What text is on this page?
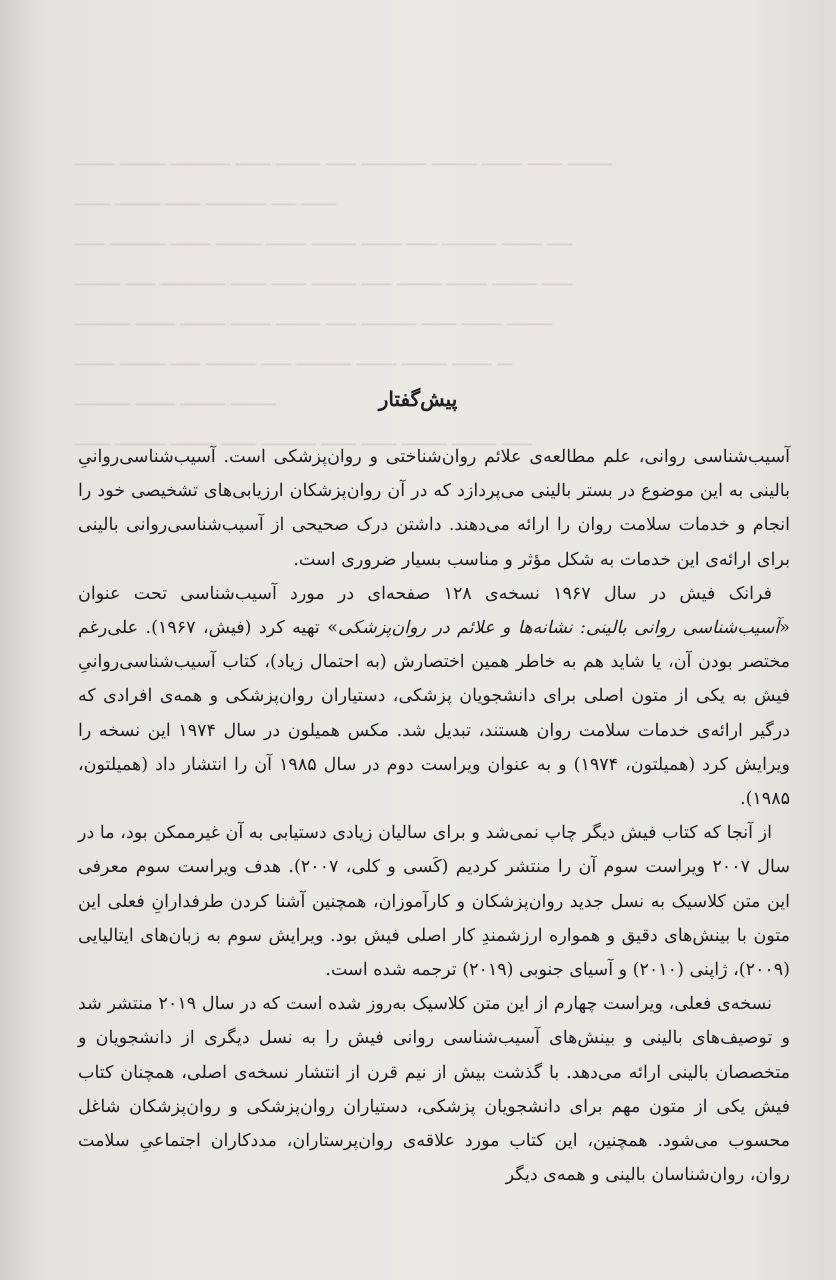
ــــــــ ـــــــــ ــــــــــــ ـــــــ ـــــــــ ــــــ ـــــــــــــ ـــــــــ ــــــــ ـــــــ ـــــــــ
ـــــــ ـــــــــ ـــــــ ــــــــــــ ـــــ ـــــــ
ــــــ ـــــــــــ ــــــــ ـــــــــ ــــــــ ـــــــــ ــــــــ ــــــ ـــــــــــ ــــــــ ـــــ
ـــــــــ ــــــ ـــــــــــــ ـــــــ ـــــــ ـــــــــ ــــــ ـــــــــ ــــــــ ـــــــــ ــــــ
ـــــــــــ ــــــــ ـــــــــ ــــــــ ـــــــــ ــــــ ـــــــــــ ـــــــ ــــــــ ـــــــــ
ــــــــ ـــــــــ ــــــ ــــــــــ ــــــ ـــــــــــ ــــــــ ـــــــــ ــــــــ ـــ
ـــــــــــ ــــــــ ـــــــــ ـــــــــ
ـــــــ ــــــــــ ـــــــــ ـــــــ ـــــــــــ ـــــــ ـــــــ ـــــــــ ـــــــــ ــــــ
پیش‌گفتار

آسیب‌شناسی روانی، علم مطالعه‌ی علائم روان‌شناختی و روان‌پزشکی است. آسیب‌شناسی‌روانیِ بالینی به این موضوع در بستر بالینی می‌پردازد که در آن روان‌پزشکان ارزیابی‌های تشخیصی خود را انجام و خدمات سلامت روان را ارائه می‌دهند. داشتن درک صحیحی از آسیب‌شناسی‌روانی بالینی برای ارائه‌ی این خدمات به شکل مؤثر و مناسب بسیار ضروری است.

فرانک فیش در سال ۱۹۶۷ نسخه‌ی ۱۲۸ صفحه‌ای در مورد آسیب‌شناسی تحت عنوان «آسیب‌شناسی روانی بالینی: نشانه‌ها و علائم در روان‌پزشکی» تهیه کرد (فیش، ۱۹۶۷). علی‌رغم مختصر بودن آن، یا شاید هم به خاطر همین اختصارش (به احتمال زیاد)، کتاب آسیب‌شناسی‌روانیِ فیش به یکی از متون اصلی برای دانشجویان پزشکی، دستیاران روان‌پزشکی و همه‌ی افرادی که درگیر ارائه‌ی خدمات سلامت روان هستند، تبدیل شد. مکس همیلون در سال ۱۹۷۴ این نسخه را ویرایش کرد (همیلتون، ۱۹۷۴) و به عنوان ویراست دوم در سال ۱۹۸۵ آن را انتشار داد (همیلتون، ۱۹۸۵).

از آنجا که کتاب فیش دیگر چاپ نمی‌شد و برای سالیان زیادی دستیابی به آن غیرممکن بود، ما در سال ۲۰۰۷ ویراست سوم آن را منتشر کردیم (کَسی و کلی، ۲۰۰۷). هدف ویراست سوم معرفی این متن کلاسیک به نسل جدید روان‌پزشکان و کارآموزان، همچنین آشنا کردن طرفدارانِ فعلی این متون با بینش‌های دقیق و همواره ارزشمندِ کار اصلی فیش بود. ویرایش سوم به زبان‌های ایتالیایی (۲۰۰۹)، ژاپنی (۲۰۱۰) و آسیای جنوبی (۲۰۱۹) ترجمه شده است.

نسخه‌ی فعلی، ویراست چهارم از این متن کلاسیک به‌روز شده است که در سال ۲۰۱۹ منتشر شد و توصیف‌های بالینی و بینش‌های آسیب‌شناسی روانی فیش را به نسل دیگری از دانشجویان و متخصصان بالینی ارائه می‌دهد. با گذشت بیش از نیم قرن از انتشار نسخه‌ی اصلی، همچنان کتاب فیش یکی از متون مهم برای دانشجویان پزشکی، دستیاران روان‌پزشکی و روان‌پزشکان شاغل محسوب می‌شود. همچنین، این کتاب مورد علاقه‌ی روان‌پرستاران، مددکاران اجتماعیِ سلامت روان، روان‌شناسان بالینی و همه‌ی دیگر
